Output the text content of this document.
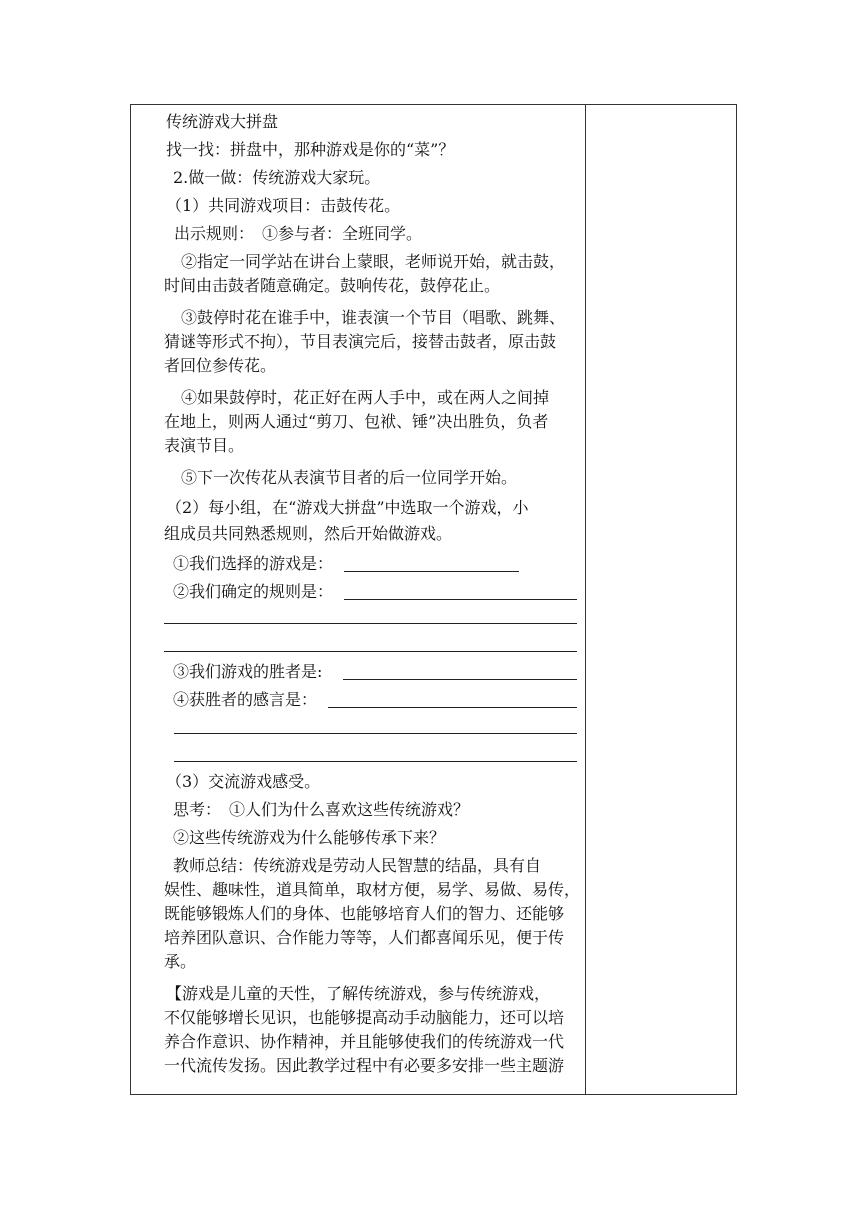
传统游戏大拼盘
找一找：拼盘中，那种游戏是你的“菜”？
2.做一做：传统游戏大家玩。
（1）共同游戏项目：击鼓传花。
出示规则：　①参与者：全班同学。
②指定一同学站在讲台上蒙眼，老师说开始，就击鼓，
时间由击鼓者随意确定。鼓响传花，鼓停花止。
③鼓停时花在谁手中，谁表演一个节目（唱歌、跳舞、
猜谜等形式不拘），节目表演完后，接替击鼓者，原击鼓
者回位参传花。
④如果鼓停时，花正好在两人手中，或在两人之间掉
在地上，则两人通过“剪刀、包袱、锤”决出胜负，负者
表演节目。
⑤下一次传花从表演节目者的后一位同学开始。
（2）每小组，在“游戏大拼盘”中选取一个游戏，小
组成员共同熟悉规则，然后开始做游戏。
①我们选择的游戏是：
②我们确定的规则是：
③我们游戏的胜者是:
④获胜者的感言是：
（3）交流游戏感受。
思考：　①人们为什么喜欢这些传统游戏？
②这些传统游戏为什么能够传承下来？
教师总结：传统游戏是劳动人民智慧的结晶，具有自
娱性、趣味性，道具简单，取材方便，易学、易做、易传，
既能够锻炼人们的身体、也能够培育人们的智力、还能够
培养团队意识、合作能力等等，人们都喜闻乐见，便于传
承。
【游戏是儿童的天性，了解传统游戏，参与传统游戏，
不仅能够增长见识，也能够提高动手动脑能力，还可以培
养合作意识、协作精神，并且能够使我们的传统游戏一代
一代流传发扬。因此教学过程中有必要多安排一些主题游
